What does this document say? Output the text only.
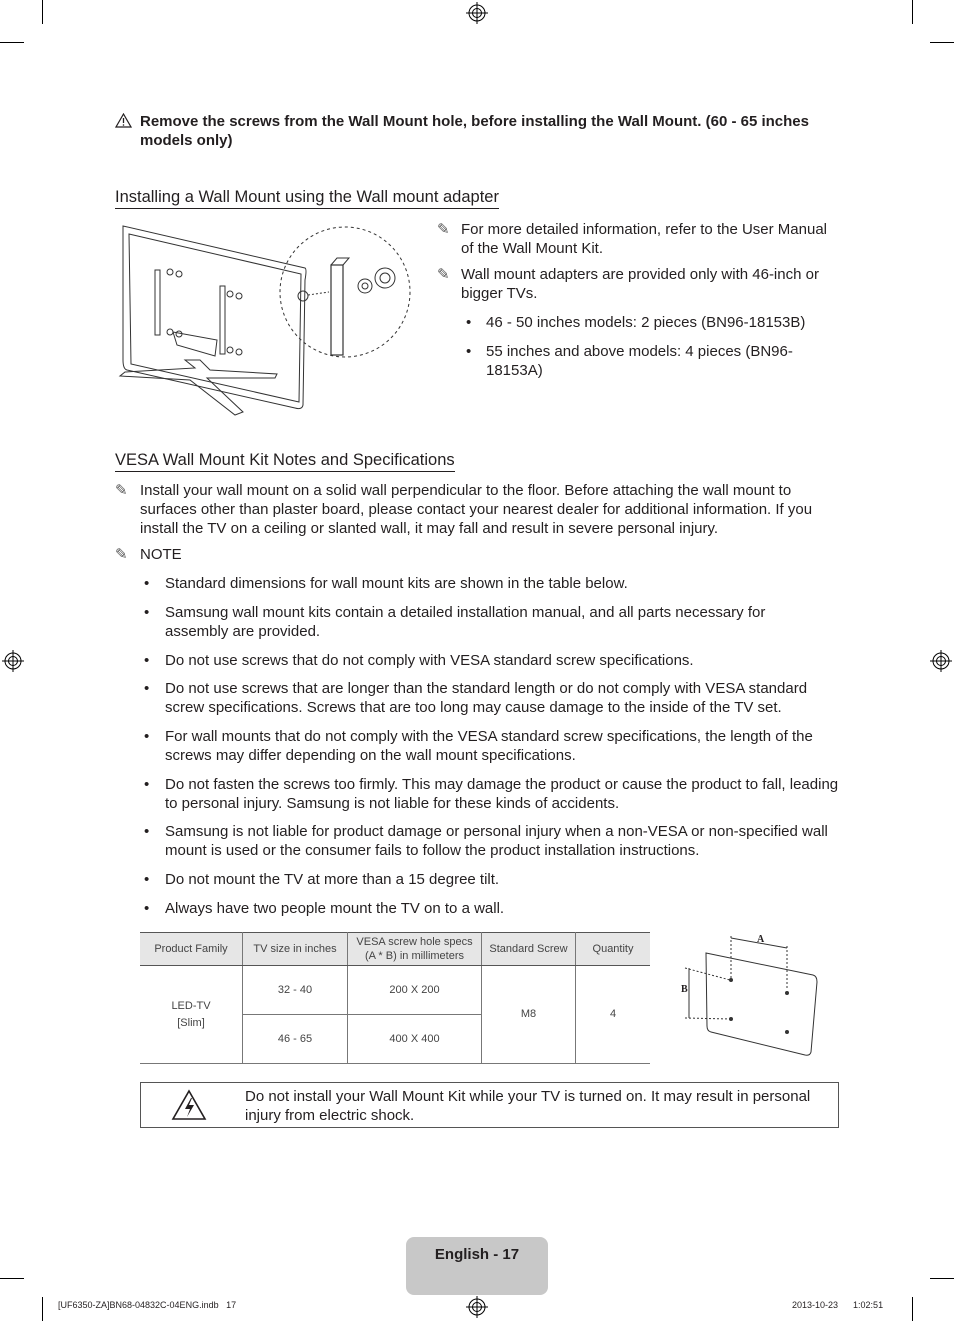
Remove the screws from the Wall Mount hole, before installing the Wall Mount. (60 - 65 inches models only)
Installing a Wall Mount using the Wall mount adapter
✎ For more detailed information, refer to the User Manual of the Wall Mount Kit.
✎ Wall mount adapters are provided only with 46-inch or bigger TVs.
• 46 - 50 inches models: 2 pieces (BN96-18153B)
• 55 inches and above models: 4 pieces (BN96-18153A)
VESA Wall Mount Kit Notes and Specifications
✎ Install your wall mount on a solid wall perpendicular to the floor. Before attaching the wall mount to surfaces other than plaster board, please contact your nearest dealer for additional information. If you install the TV on a ceiling or slanted wall, it may fall and result in severe personal injury.
✎ NOTE
• Standard dimensions for wall mount kits are shown in the table below.
• Samsung wall mount kits contain a detailed installation manual, and all parts necessary for assembly are provided.
• Do not use screws that do not comply with VESA standard screw specifications.
• Do not use screws that are longer than the standard length or do not comply with VESA standard screw specifications. Screws that are too long may cause damage to the inside of the TV set.
• For wall mounts that do not comply with the VESA standard screw specifications, the length of the screws may differ depending on the wall mount specifications.
• Do not fasten the screws too firmly. This may damage the product or cause the product to fall, leading to personal injury. Samsung is not liable for these kinds of accidents.
• Samsung is not liable for product damage or personal injury when a non-VESA or non-specified wall mount is used or the consumer fails to follow the product installation instructions.
• Do not mount the TV at more than a 15 degree tilt.
• Always have two people mount the TV on to a wall.
Product Family	TV size in inches	VESA screw hole specs (A * B) in millimeters	Standard Screw	Quantity
LED-TV
[Slim]	32 - 40	200 X 200	M8	4
	46 - 65	400 X 400		
A
B
Do not install your Wall Mount Kit while your TV is turned on. It may result in personal injury from electric shock.
English - 17
[UF6350-ZA]BN68-04832C-04ENG.indb   17	2013-10-23      1:02:51
